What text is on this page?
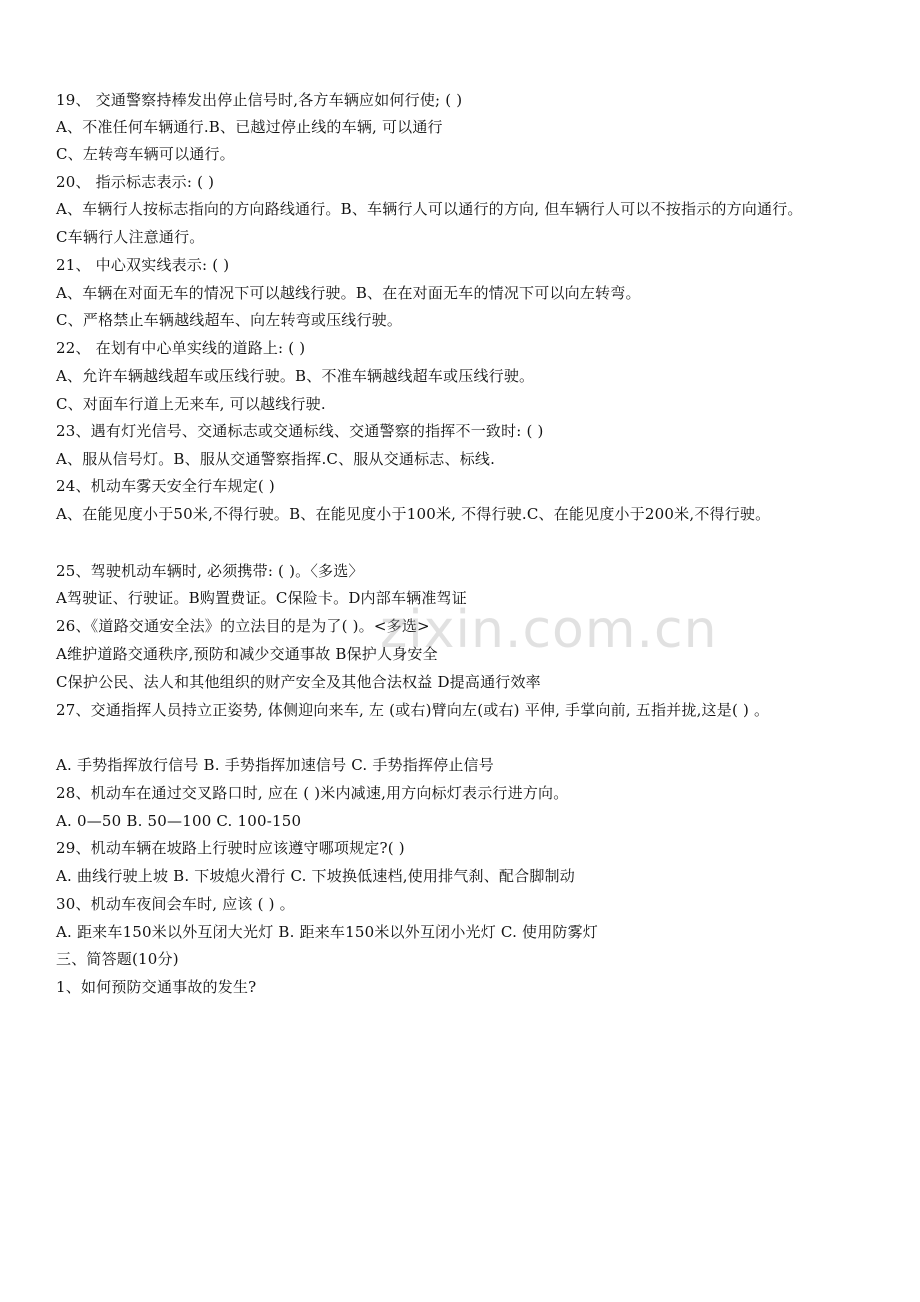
19、 交通警察持棒发出停止信号时,各方车辆应如何行使; ( )
A、不准任何车辆通行.B、已越过停止线的车辆, 可以通行
C、左转弯车辆可以通行。
20、 指示标志表示: ( )
A、车辆行人按标志指向的方向路线通行。B、车辆行人可以通行的方向, 但车辆行人可以不按指示的方向通行。
C车辆行人注意通行。
21、 中心双实线表示: ( )
A、车辆在对面无车的情况下可以越线行驶。B、在在对面无车的情况下可以向左转弯。
C、严格禁止车辆越线超车、向左转弯或压线行驶。
22、 在划有中心单实线的道路上: ( )
A、允许车辆越线超车或压线行驶。B、不准车辆越线超车或压线行驶。
C、对面车行道上无来车, 可以越线行驶.
23、遇有灯光信号、交通标志或交通标线、交通警察的指挥不一致时: ( )
A、服从信号灯。B、服从交通警察指挥.C、服从交通标志、标线.
24、机动车雾天安全行车规定( )
A、在能见度小于50米,不得行驶。B、在能见度小于100米, 不得行驶.C、在能见度小于200米,不得行驶。
25、驾驶机动车辆时, 必须携带: ( )。〈多选〉
A驾驶证、行驶证。B购置费证。C保险卡。D内部车辆准驾证
26、《道路交通安全法》的立法目的是为了( )。<多选>
A维护道路交通秩序,预防和减少交通事故 B保护人身安全
C保护公民、法人和其他组织的财产安全及其他合法权益 D提高通行效率
27、交通指挥人员持立正姿势, 体侧迎向来车, 左 (或右)臂向左(或右) 平伸, 手掌向前, 五指并拢,这是( ) 。
A. 手势指挥放行信号 B. 手势指挥加速信号 C. 手势指挥停止信号
28、机动车在通过交叉路口时, 应在 ( )米内减速,用方向标灯表示行进方向。
A. 0—50 B. 50—100 C. 100-150
29、机动车辆在坡路上行驶时应该遵守哪项规定?( )
A. 曲线行驶上坡 B. 下坡熄火滑行 C. 下坡换低速档,使用排气刹、配合脚制动
30、机动车夜间会车时, 应该 ( ) 。
A. 距来车150米以外互闭大光灯 B. 距来车150米以外互闭小光灯 C. 使用防雾灯
三、简答题(10分)
1、如何预防交通事故的发生?
zixin.com.cn
